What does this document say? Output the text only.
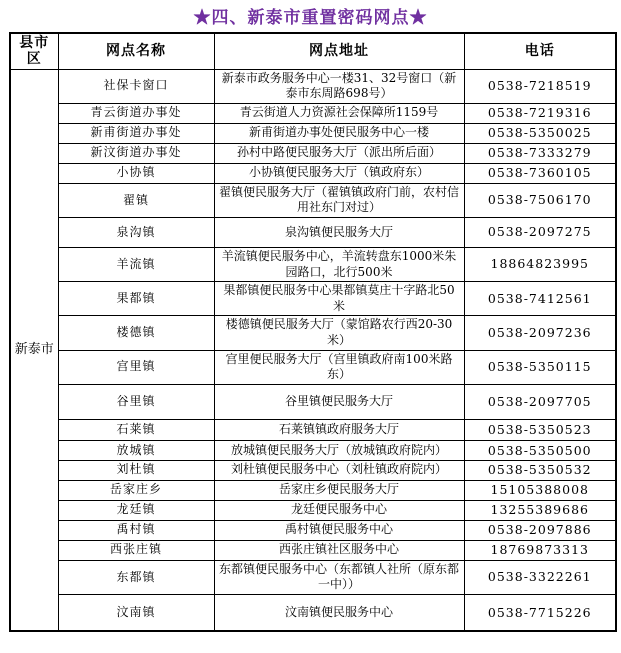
★四、新泰市重置密码网点★
县市区	网点名称	网点地址	电话
新泰市	社保卡窗口	新泰市政务服务中心一楼31、32号窗口（新泰市东周路698号）	0538-7218519
	青云街道办事处	青云街道人力资源社会保障所1159号	0538-7219316
	新甫街道办事处	新甫街道办事处便民服务中心一楼	0538-5350025
	新汶街道办事处	孙村中路便民服务大厅（派出所后面）	0538-7333279
	小协镇	小协镇便民服务大厅（镇政府东）	0538-7360105
	翟镇	翟镇便民服务大厅（翟镇镇政府门前，农村信用社东门对过）	0538-7506170
	泉沟镇	泉沟镇便民服务大厅	0538-2097275
	羊流镇	羊流镇便民服务中心，羊流转盘东1000米朱园路口，北行500米	18864823995
	果都镇	果都镇便民服务中心果都镇莫庄十字路北50米	0538-7412561
	楼德镇	楼德镇便民服务大厅（蒙馆路农行西20-30米）	0538-2097236
	宫里镇	宫里便民服务大厅（宫里镇政府南100米路东）	0538-5350115
	谷里镇	谷里镇便民服务大厅	0538-2097705
	石莱镇	石莱镇镇政府服务大厅	0538-5350523
	放城镇	放城镇便民服务大厅（放城镇政府院内）	0538-5350500
	刘杜镇	刘杜镇便民服务中心（刘杜镇政府院内）	0538-5350532
	岳家庄乡	岳家庄乡便民服务大厅	15105388008
	龙廷镇	龙廷便民服务中心	13255389686
	禹村镇	禹村镇便民服务中心	0538-2097886
	西张庄镇	西张庄镇社区服务中心	18769873313
	东都镇	东都镇便民服务中心（东都镇人社所（原东都一中））	0538-3322261
	汶南镇	汶南镇便民服务中心	0538-7715226
